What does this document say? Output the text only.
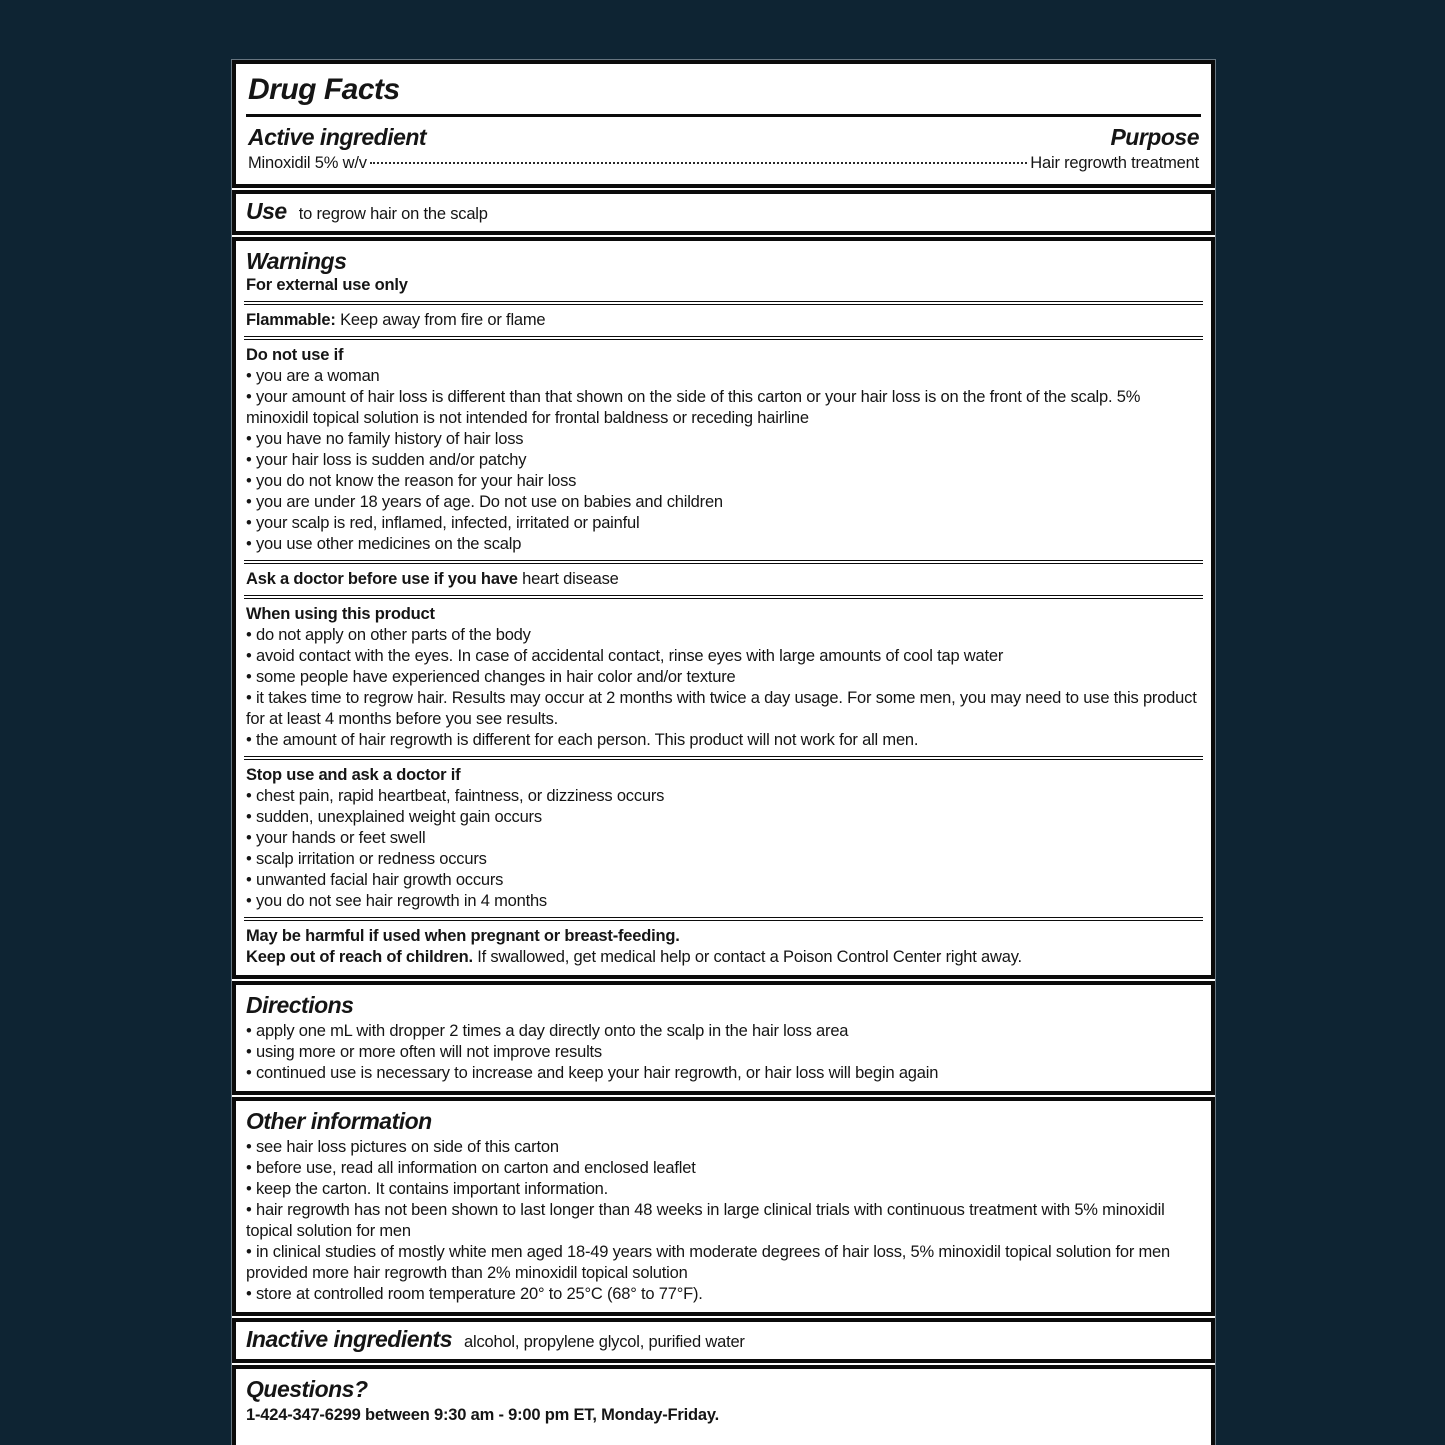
Drug Facts
Active ingredient	Purpose
Minoxidil 5% w/v	Hair regrowth treatment
Use to regrow hair on the scalp
Warnings
For external use only
Flammable: Keep away from fire or flame
Do not use if
• you are a woman
• your amount of hair loss is different than that shown on the side of this carton or your hair loss is on the front of the scalp. 5% minoxidil topical solution is not intended for frontal baldness or receding hairline
• you have no family history of hair loss
• your hair loss is sudden and/or patchy
• you do not know the reason for your hair loss
• you are under 18 years of age. Do not use on babies and children
• your scalp is red, inflamed, infected, irritated or painful
• you use other medicines on the scalp
Ask a doctor before use if you have heart disease
When using this product
• do not apply on other parts of the body
• avoid contact with the eyes. In case of accidental contact, rinse eyes with large amounts of cool tap water
• some people have experienced changes in hair color and/or texture
• it takes time to regrow hair. Results may occur at 2 months with twice a day usage. For some men, you may need to use this product for at least 4 months before you see results.
• the amount of hair regrowth is different for each person. This product will not work for all men.
Stop use and ask a doctor if
• chest pain, rapid heartbeat, faintness, or dizziness occurs
• sudden, unexplained weight gain occurs
• your hands or feet swell
• scalp irritation or redness occurs
• unwanted facial hair growth occurs
• you do not see hair regrowth in 4 months
May be harmful if used when pregnant or breast-feeding.
Keep out of reach of children. If swallowed, get medical help or contact a Poison Control Center right away.
Directions
• apply one mL with dropper 2 times a day directly onto the scalp in the hair loss area
• using more or more often will not improve results
• continued use is necessary to increase and keep your hair regrowth, or hair loss will begin again
Other information
• see hair loss pictures on side of this carton
• before use, read all information on carton and enclosed leaflet
• keep the carton. It contains important information.
• hair regrowth has not been shown to last longer than 48 weeks in large clinical trials with continuous treatment with 5% minoxidil topical solution for men
• in clinical studies of mostly white men aged 18-49 years with moderate degrees of hair loss, 5% minoxidil topical solution for men provided more hair regrowth than 2% minoxidil topical solution
• store at controlled room temperature 20° to 25°C (68° to 77°F).
Inactive ingredients alcohol, propylene glycol, purified water
Questions?
1-424-347-6299 between 9:30 am - 9:00 pm ET, Monday-Friday.
